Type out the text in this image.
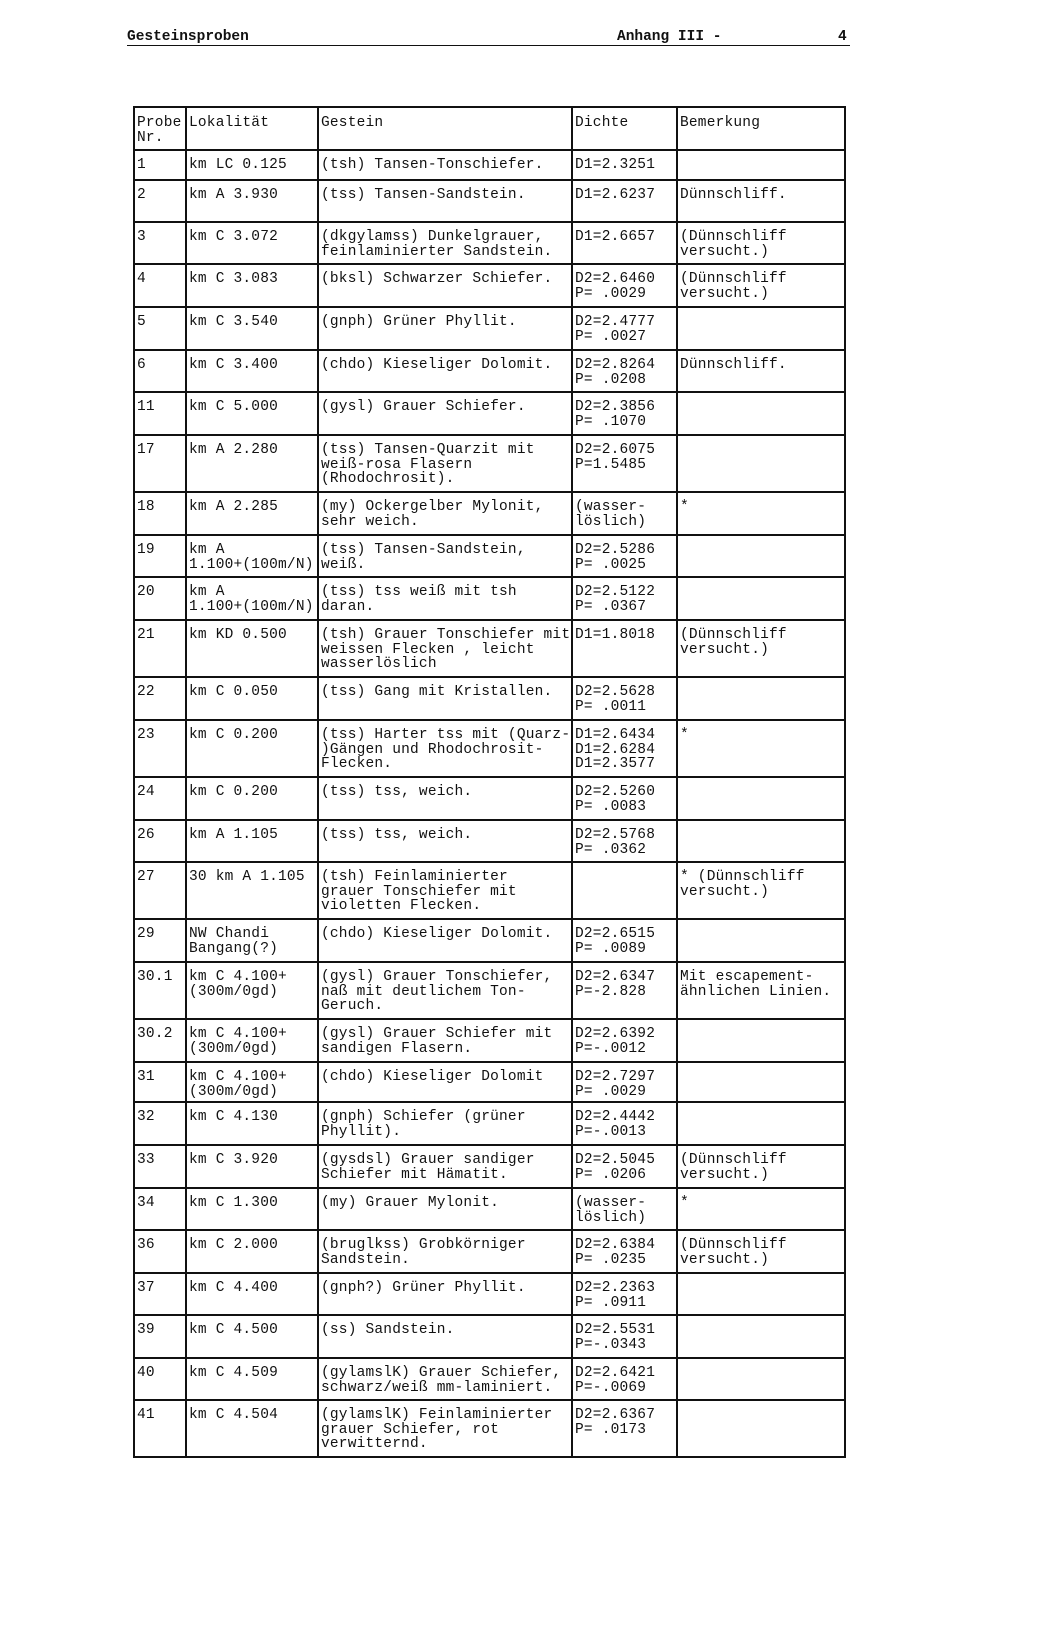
Gesteinsproben	Anhang III -	4
Probe
Nr.	Lokalität	Gestein	Dichte	Bemerkung
1	km LC 0.125	(tsh) Tansen-Tonschiefer.	D1=2.3251	
2	km A 3.930	(tss) Tansen-Sandstein.	D1=2.6237	Dünnschliff.
3	km C 3.072	(dkgylamss) Dunkelgrauer,
feinlaminierter Sandstein.	D1=2.6657	(Dünnschliff
versucht.)
4	km C 3.083	(bksl) Schwarzer Schiefer.	D2=2.6460
P= .0029	(Dünnschliff
versucht.)
5	km C 3.540	(gnph) Grüner Phyllit.	D2=2.4777
P= .0027	
6	km C 3.400	(chdo) Kieseliger Dolomit.	D2=2.8264
P= .0208	Dünnschliff.
11	km C 5.000	(gysl) Grauer Schiefer.	D2=2.3856
P= .1070	
17	km A 2.280	(tss) Tansen-Quarzit mit
weiß-rosa Flasern
(Rhodochrosit).	D2=2.6075
P=1.5485	
18	km A 2.285	(my) Ockergelber Mylonit,
sehr weich.	(wasser-
löslich)	*
19	km A
1.100+(100m/N)	(tss) Tansen-Sandstein,
weiß.	D2=2.5286
P= .0025	
20	km A
1.100+(100m/N)	(tss) tss weiß mit tsh
daran.	D2=2.5122
P= .0367	
21	km KD 0.500	(tsh) Grauer Tonschiefer mit
weissen Flecken , leicht
wasserlöslich	D1=1.8018	(Dünnschliff
versucht.)
22	km C 0.050	(tss) Gang mit Kristallen.	D2=2.5628
P= .0011	
23	km C 0.200	(tss) Harter tss mit (Quarz-
)Gängen und Rhodochrosit-
Flecken.	D1=2.6434
D1=2.6284
D1=2.3577	*
24	km C 0.200	(tss) tss, weich.	D2=2.5260
P= .0083	
26	km A 1.105	(tss) tss, weich.	D2=2.5768
P= .0362	
27	30 km A 1.105	(tsh) Feinlaminierter
grauer Tonschiefer mit
violetten Flecken.		* (Dünnschliff
versucht.)
29	NW Chandi
Bangang(?)	(chdo) Kieseliger Dolomit.	D2=2.6515
P= .0089	
30.1	km C 4.100+
(300m/0gd)	(gysl) Grauer Tonschiefer,
naß mit deutlichem Ton-
Geruch.	D2=2.6347
P=-2.828	Mit escapement-
ähnlichen Linien.
30.2	km C 4.100+
(300m/0gd)	(gysl) Grauer Schiefer mit
sandigen Flasern.	D2=2.6392
P=-.0012	
31	km C 4.100+
(300m/0gd)	(chdo) Kieseliger Dolomit	D2=2.7297
P= .0029	
32	km C 4.130	(gnph) Schiefer (grüner
Phyllit).	D2=2.4442
P=-.0013	
33	km C 3.920	(gysdsl) Grauer sandiger
Schiefer mit Hämatit.	D2=2.5045
P= .0206	(Dünnschliff
versucht.)
34	km C 1.300	(my) Grauer Mylonit.	(wasser-
löslich)	*
36	km C 2.000	(bruglkss) Grobkörniger
Sandstein.	D2=2.6384
P= .0235	(Dünnschliff
versucht.)
37	km C 4.400	(gnph?) Grüner Phyllit.	D2=2.2363
P= .0911	
39	km C 4.500	(ss) Sandstein.	D2=2.5531
P=-.0343	
40	km C 4.509	(gylamslK) Grauer Schiefer,
schwarz/weiß mm-laminiert.	D2=2.6421
P=-.0069	
41	km C 4.504	(gylamslK) Feinlaminierter
grauer Schiefer, rot
verwitternd.	D2=2.6367
P= .0173	
